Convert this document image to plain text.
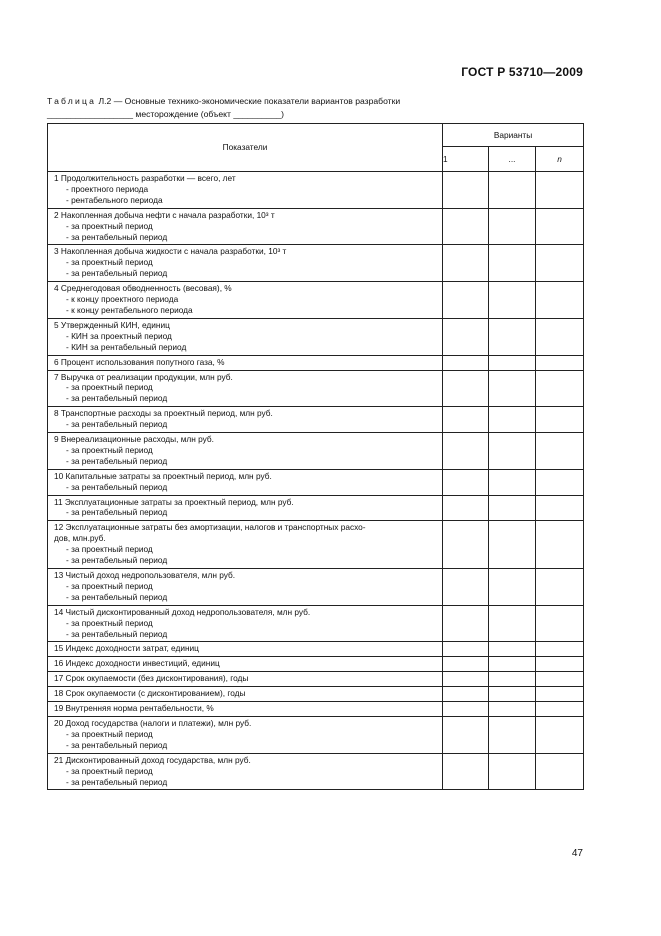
ГОСТ Р 53710—2009
Таблица Л.2 — Основные технико-экономические показатели вариантов разработки
__________________ месторождение (объект __________)
Показатели	Варианты		
	1	...	n

1 Продолжительность разработки — всего, лет
- проектного периода
- рентабельного периода			

2 Накопленная добыча нефти с начала разработки, 10³ т
- за проектный период
- за рентабельный период			

3 Накопленная добыча жидкости с начала разработки, 10³ т
- за проектный период
- за рентабельный период			

4 Среднегодовая обводненность (весовая), %
- к концу проектного периода
- к концу рентабельного периода			

5 Утвержденный КИН, единиц
- КИН за проектный период
- КИН за рентабельный период			

6 Процент использования попутного газа, %			

7 Выручка от реализации продукции, млн руб.
- за проектный период
- за рентабельный период			

8 Транспортные расходы за проектный период, млн руб.
- за рентабельный период			

9 Внереализационные расходы, млн руб.
- за проектный период
- за рентабельный период			

10 Капитальные затраты за проектный период, млн руб.
- за рентабельный период			

11 Эксплуатационные затраты за проектный период, млн руб.
- за рентабельный период			

12 Эксплуатационные затраты без амортизации, налогов и транспортных расхо-
дов, млн.руб.
- за проектный период
- за рентабельный период			

13 Чистый доход недропользователя, млн руб.
- за проектный период
- за рентабельный период			

14 Чистый дисконтированный доход недропользователя, млн руб.
- за проектный период
- за рентабельный период			

15 Индекс доходности затрат, единиц			

16 Индекс доходности инвестиций, единиц			

17 Срок окупаемости (без дисконтирования), годы			

18 Срок окупаемости (с дисконтированием), годы			

19 Внутренняя норма рентабельности, %			

20 Доход государства (налоги и платежи), млн руб.
- за проектный период
- за рентабельный период			

21 Дисконтированный доход государства, млн руб.
- за проектный период
- за рентабельный период			

47
